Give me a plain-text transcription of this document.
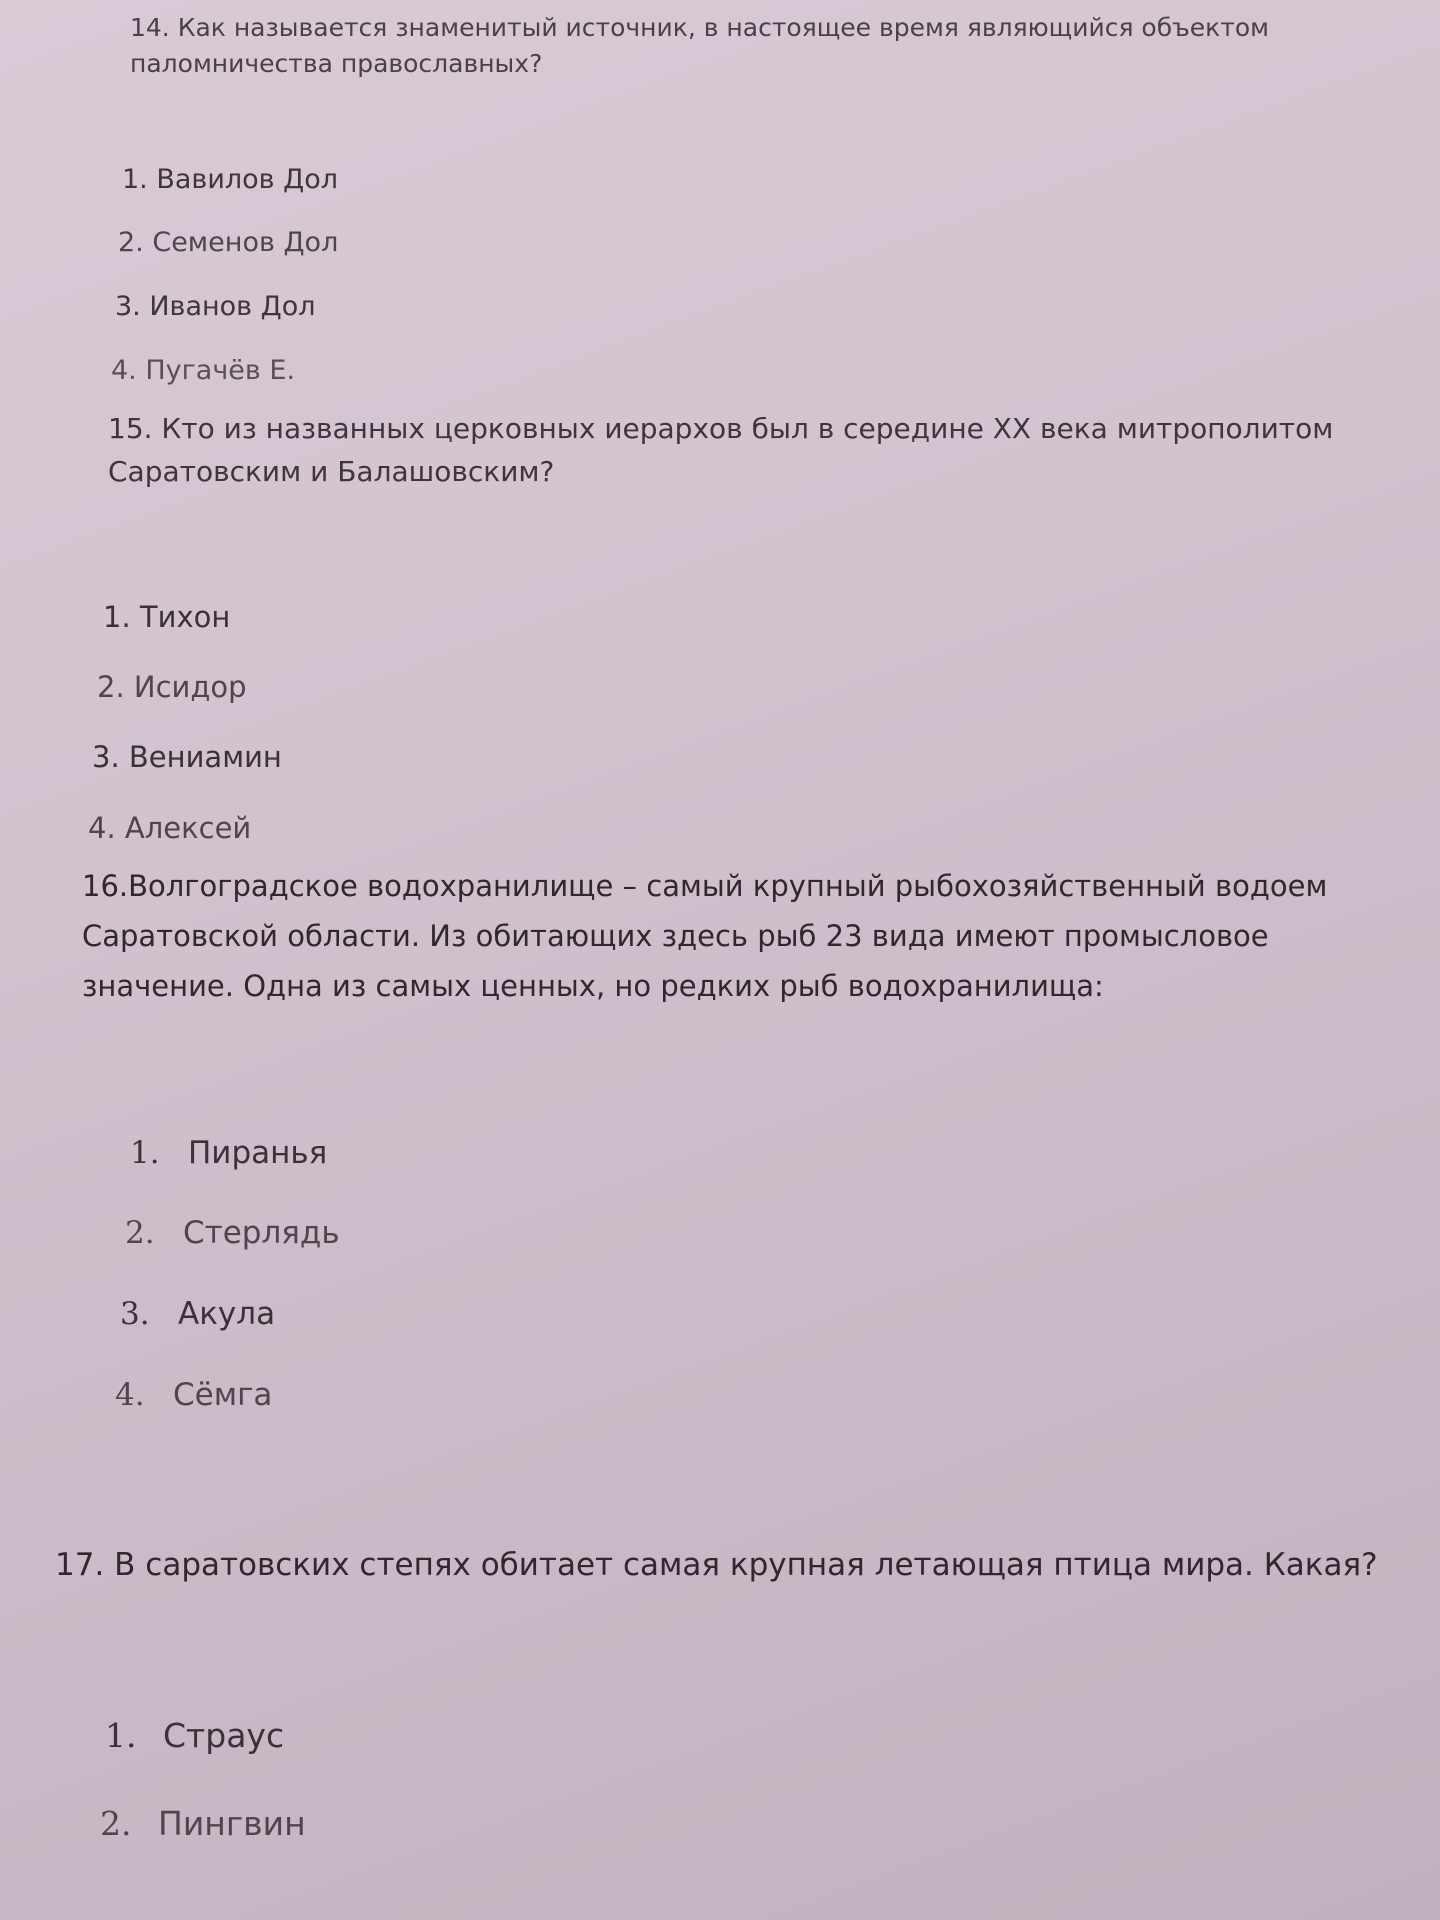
14. Как называется знаменитый источник, в настоящее время являющийся объектом паломничества православных?

1. Вавилов Дол

2. Семенов Дол

3. Иванов Дол

4. Пугачёв Е.

15. Кто из названных церковных иерархов был в середине XX века митрополитом Саратовским и Балашовским?

1. Тихон

2. Исидор

3. Вениамин

4. Алексей

16.Волгоградское водохранилище – самый крупный рыбохозяйственный водоем Саратовской области. Из обитающих здесь рыб 23 вида имеют промысловое значение. Одна из самых ценных, но редких рыб водохранилища:

1. Пиранья

2. Стерлядь

3. Акула

4. Сёмга

17. В саратовских степях обитает самая крупная летающая птица мира. Какая?

1. Страус

2. Пингвин
